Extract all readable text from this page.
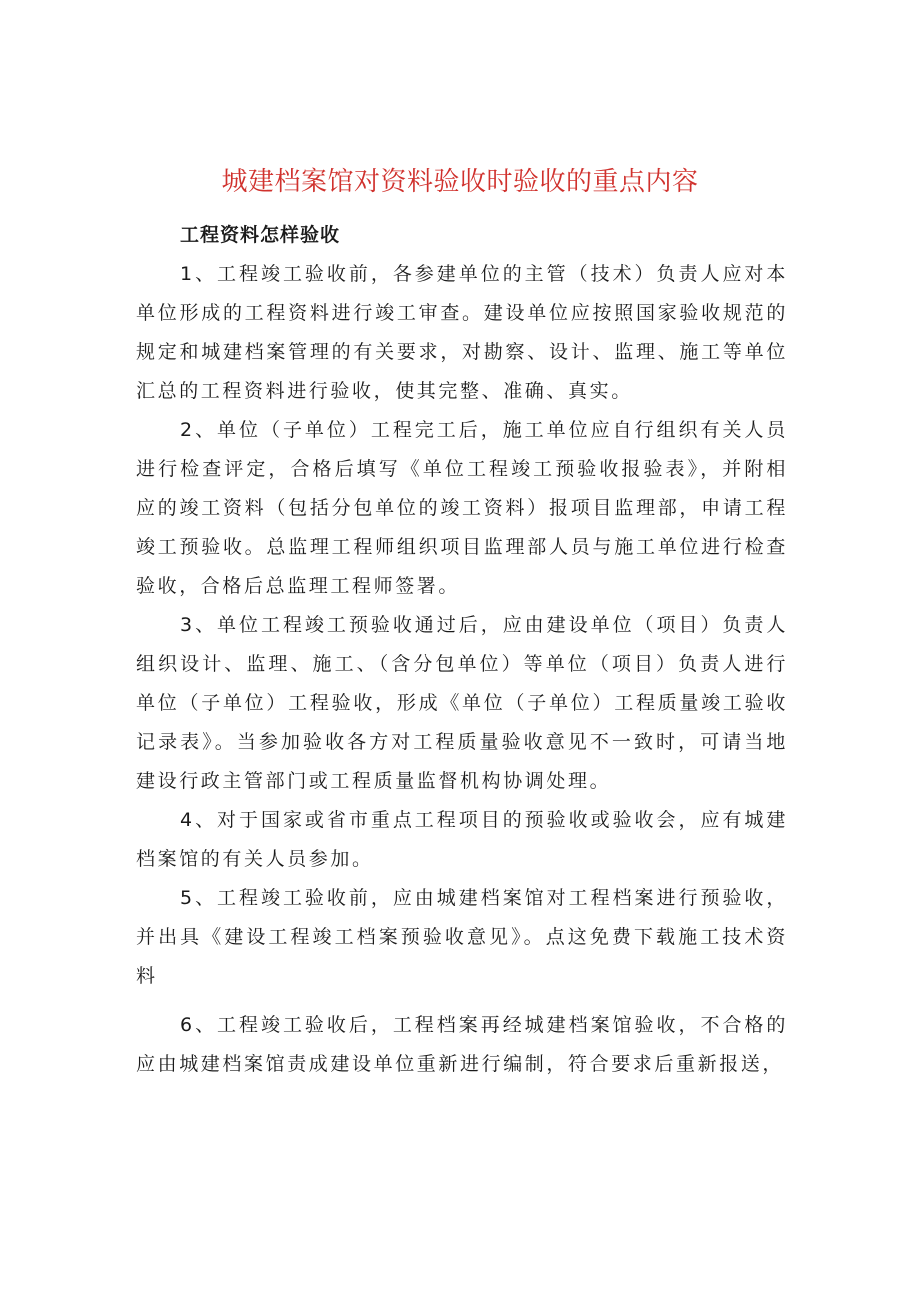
城建档案馆对资料验收时验收的重点内容

工程资料怎样验收

1、工程竣工验收前，各参建单位的主管（技术）负责人应对本单位形成的工程资料进行竣工审查。建设单位应按照国家验收规范的规定和城建档案管理的有关要求，对勘察、设计、监理、施工等单位汇总的工程资料进行验收，使其完整、准确、真实。

2、单位（子单位）工程完工后，施工单位应自行组织有关人员进行检查评定，合格后填写《单位工程竣工预验收报验表》，并附相应的竣工资料（包括分包单位的竣工资料）报项目监理部，申请工程竣工预验收。总监理工程师组织项目监理部人员与施工单位进行检查验收，合格后总监理工程师签署。

3、单位工程竣工预验收通过后，应由建设单位（项目）负责人组织设计、监理、施工、（含分包单位）等单位（项目）负责人进行单位（子单位）工程验收，形成《单位（子单位）工程质量竣工验收记录表》。当参加验收各方对工程质量验收意见不一致时，可请当地建设行政主管部门或工程质量监督机构协调处理。

4、对于国家或省市重点工程项目的预验收或验收会，应有城建档案馆的有关人员参加。

5、工程竣工验收前，应由城建档案馆对工程档案进行预验收，并出具《建设工程竣工档案预验收意见》。点这免费下载施工技术资料

6、工程竣工验收后，工程档案再经城建档案馆验收，不合格的应由城建档案馆责成建设单位重新进行编制，符合要求后重新报送，
